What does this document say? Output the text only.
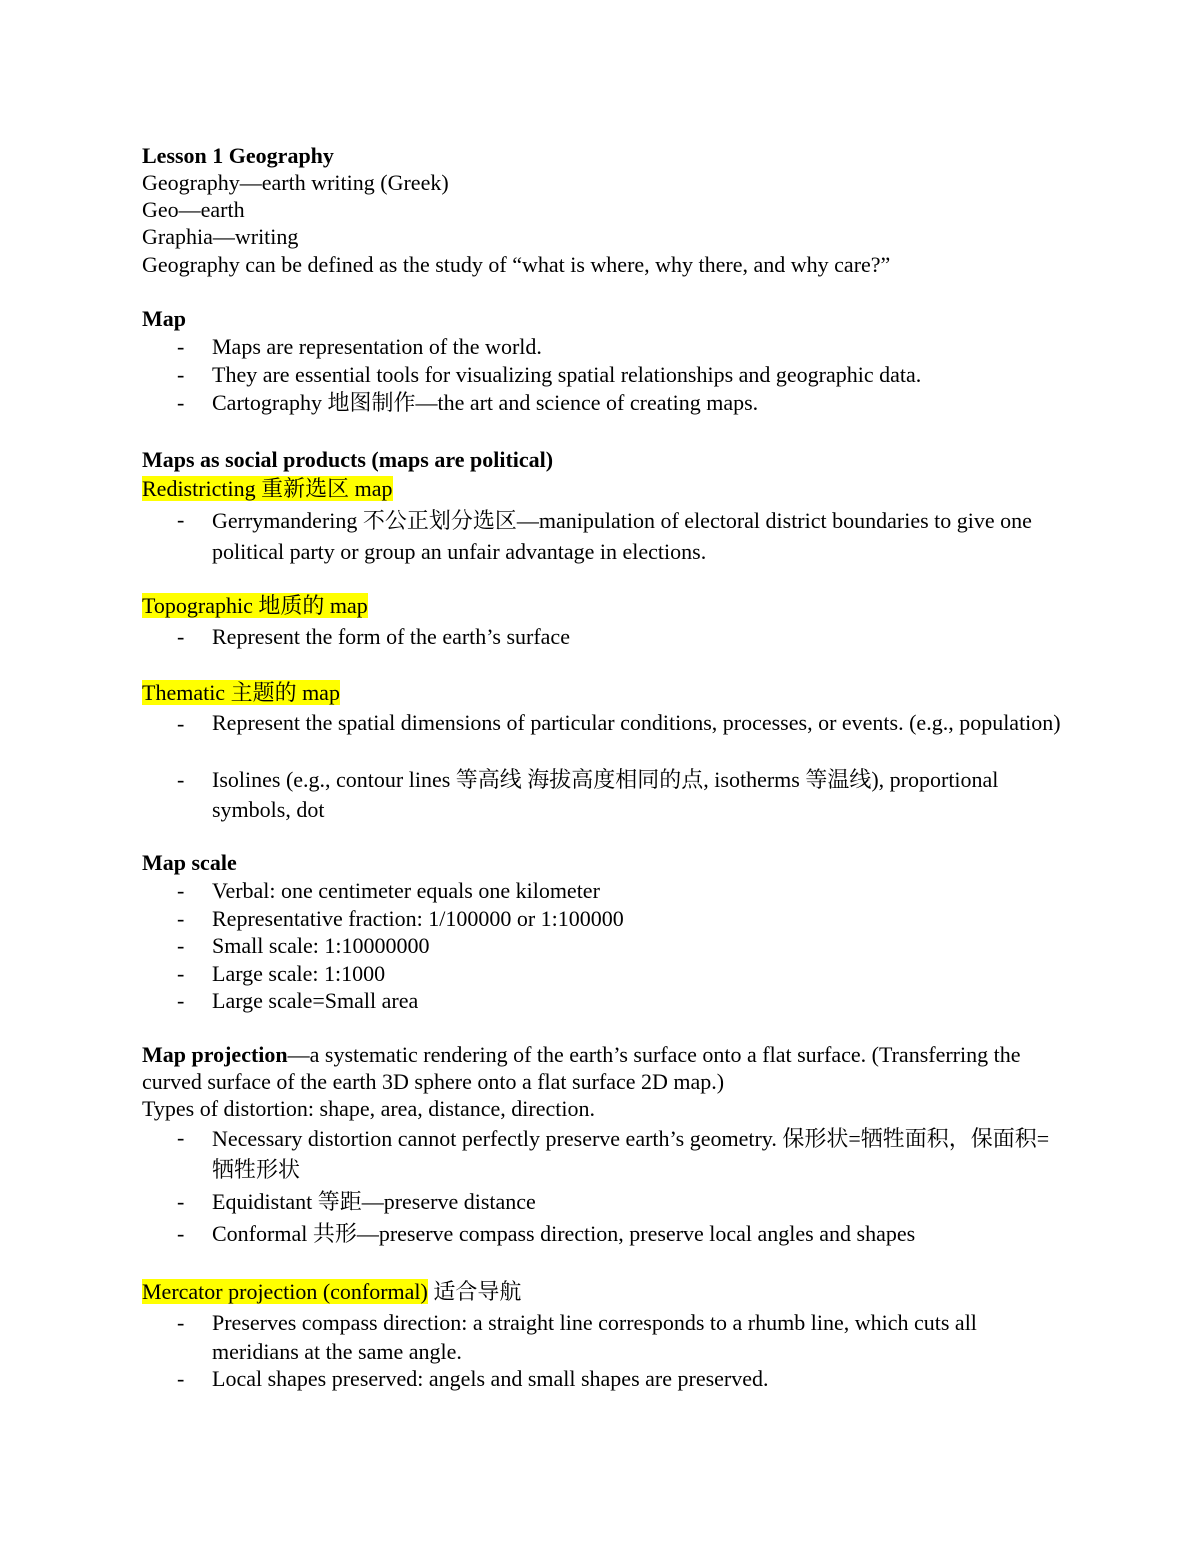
Lesson 1 Geography
Geography—earth writing (Greek)
Geo—earth
Graphia—writing
Geography can be defined as the study of “what is where, why there, and why care?”
Map
- Maps are representation of the world.
- They are essential tools for visualizing spatial relationships and geographic data.
- Cartography 地图制作—the art and science of creating maps.
Maps as social products (maps are political)
Redistricting 重新选区 map
- Gerrymandering 不公正划分选区—manipulation of electoral district boundaries to give one political party or group an unfair advantage in elections.
Topographic 地质的 map
- Represent the form of the earth’s surface
Thematic 主题的 map
- Represent the spatial dimensions of particular conditions, processes, or events. (e.g., population)
- Isolines (e.g., contour lines 等高线 海拔高度相同的点, isotherms 等温线), proportional symbols, dot
Map scale
- Verbal: one centimeter equals one kilometer
- Representative fraction: 1/100000 or 1:100000
- Small scale: 1:10000000
- Large scale: 1:1000
- Large scale=Small area
Map projection—a systematic rendering of the earth’s surface onto a flat surface. (Transferring the curved surface of the earth 3D sphere onto a flat surface 2D map.)
Types of distortion: shape, area, distance, direction.
- Necessary distortion cannot perfectly preserve earth’s geometry. 保形状=牺牲面积，保面积=牺牲形状
- Equidistant 等距—preserve distance
- Conformal 共形—preserve compass direction, preserve local angles and shapes
Mercator projection (conformal) 适合导航
- Preserves compass direction: a straight line corresponds to a rhumb line, which cuts all meridians at the same angle.
- Local shapes preserved: angels and small shapes are preserved.
